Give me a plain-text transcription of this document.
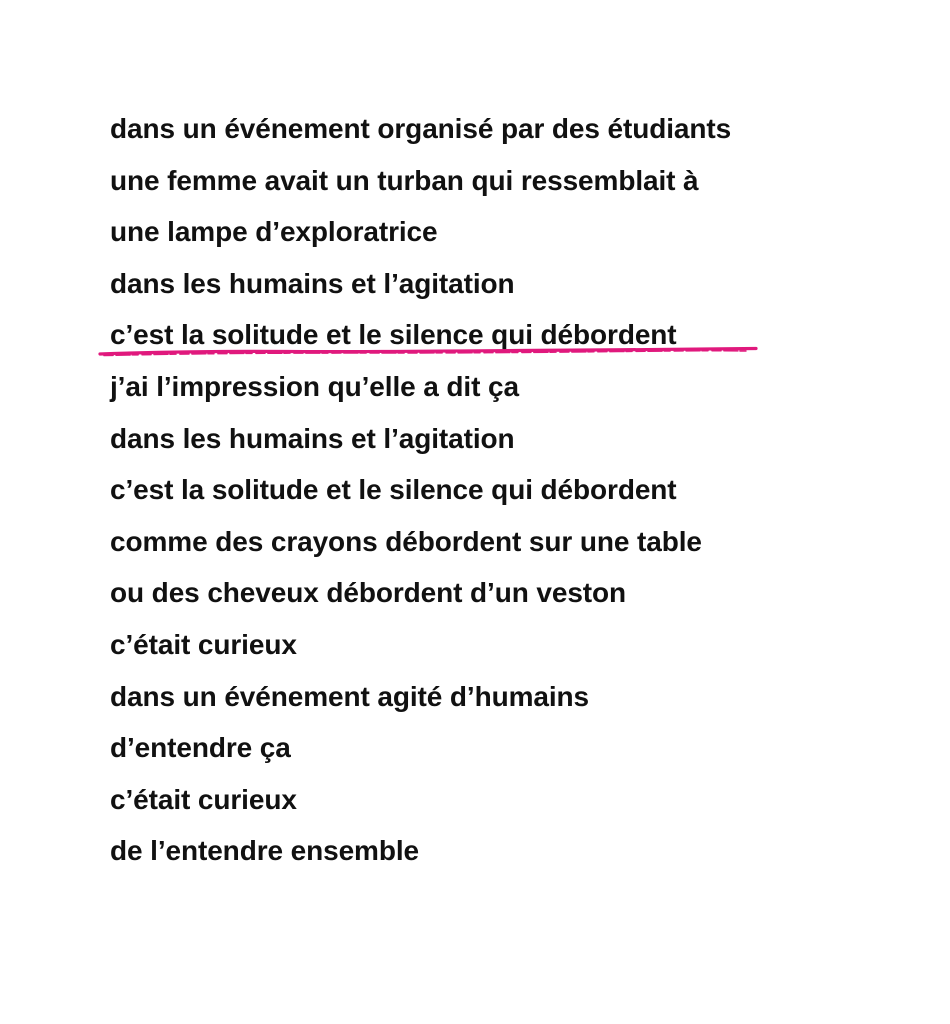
dans un événement organisé par des étudiants
une femme avait un turban qui ressemblait à
une lampe d’exploratrice
dans les humains et l’agitation
c’est la solitude et le silence qui débordent
j’ai l’impression qu’elle a dit ça
dans les humains et l’agitation
c’est la solitude et le silence qui débordent
comme des crayons débordent sur une table
ou des cheveux débordent d’un veston
c’était curieux
dans un événement agité d’humains
d’entendre ça
c’était curieux
de l’entendre ensemble
